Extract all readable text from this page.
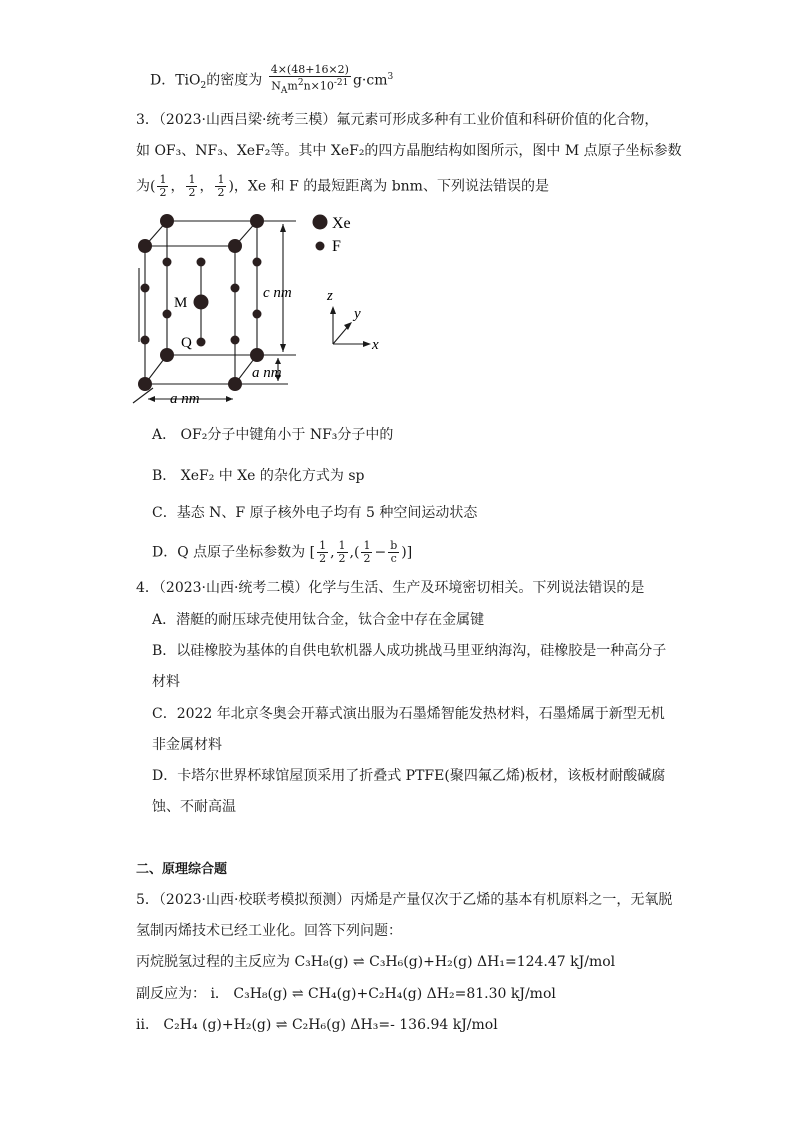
D．TiO$_2$的密度为 $\frac{4\times(48+16\times 2)}{N_Am^2n\times 10^{-21}} g\cdot cm^3$
3．（2023·山西吕梁·统考三模）氟元素可形成多种有工业价值和科研价值的化合物，
如 OF₃、NF₃、XeF₂等。其中 XeF₂的四方晶胞结构如图所示，图中 M 点原子坐标参数
为( $\frac{1}{2}$ ， $\frac{1}{2}$ ， $\frac{1}{2}$ )，Xe 和 F 的最短距离为 bnm、下列说法错误的是
Xe
F
M
Q
c nm
a nm
a nm
z
y
x
A． OF₂分子中键角小于 NF₃分子中的
B． XeF₂ 中 Xe 的杂化方式为 sp
C．基态 N、F 原子核外电子均有 5 种空间运动状态
D．Q 点原子坐标参数为 [ $\frac{1}{2}$ , $\frac{1}{2}$ ,( $\frac{1}{2} - \frac{b}{c}$ )]
4．（2023·山西·统考二模）化学与生活、生产及环境密切相关。下列说法错误的是
A．潜艇的耐压球壳使用钛合金，钛合金中存在金属键
B．以硅橡胶为基体的自供电软机器人成功挑战马里亚纳海沟，硅橡胶是一种高分子
材料
C．2022 年北京冬奥会开幕式演出服为石墨烯智能发热材料，石墨烯属于新型无机
非金属材料
D．卡塔尔世界杯球馆屋顶采用了折叠式 PTFE(聚四氟乙烯)板材，该板材耐酸碱腐
蚀、不耐高温
二、原理综合题
5．（2023·山西·校联考模拟预测）丙烯是产量仅次于乙烯的基本有机原料之一，无氧脱
氢制丙烯技术已经工业化。回答下列问题：
丙烷脱氢过程的主反应为 C₃H₈(g) ⇌ C₃H₆(g)+H₂(g) ΔH₁=124.47 kJ/mol
副反应为： i． C₃H₈(g) ⇌ CH₄(g)+C₂H₄(g) ΔH₂=81.30 kJ/mol
ii． C₂H₄ (g)+H₂(g) ⇌ C₂H₆(g) ΔH₃=- 136.94 kJ/mol
